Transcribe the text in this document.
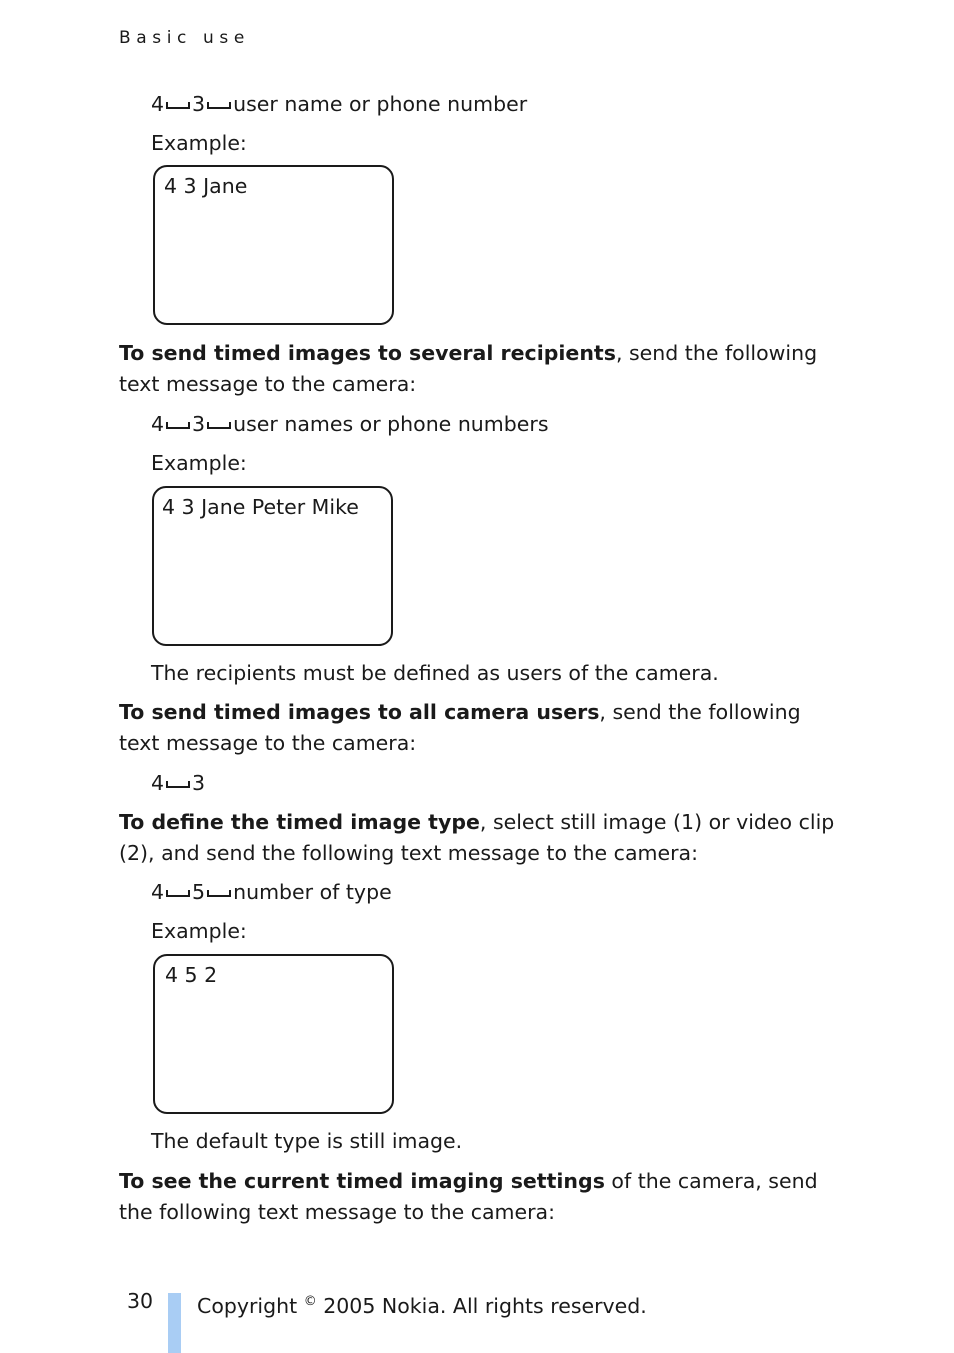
Basic use
4 3 user name or phone number
Example:
4 3 Jane
To send timed images to several recipients, send the following text message to the camera:
4 3 user names or phone numbers
Example:
4 3 Jane Peter Mike
The recipients must be defined as users of the camera.
To send timed images to all camera users, send the following text message to the camera:
4 3
To define the timed image type, select still image (1) or video clip (2), and send the following text message to the camera:
4 5 number of type
Example:
4 5 2
The default type is still image.
To see the current timed imaging settings of the camera, send the following text message to the camera:
30 Copyright © 2005 Nokia. All rights reserved.
